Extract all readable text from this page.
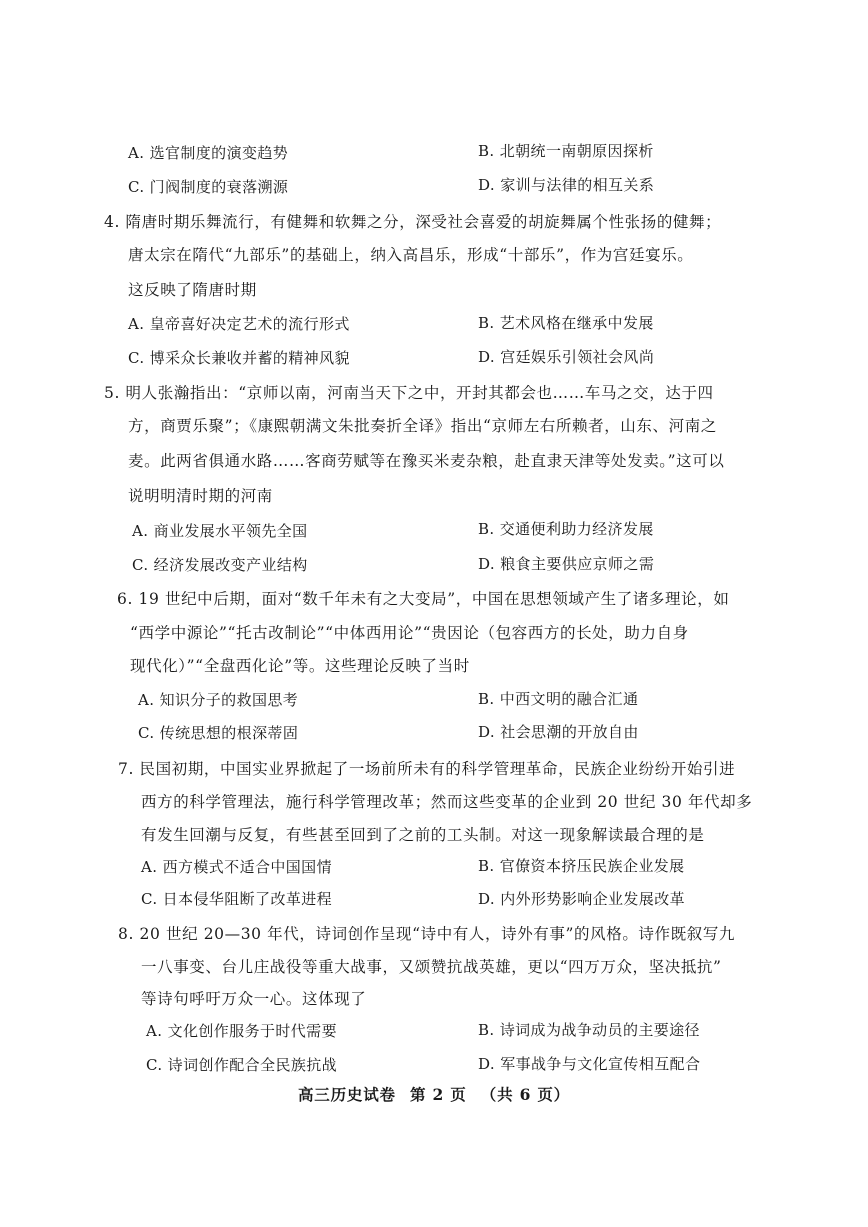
A. 选官制度的演变趋势	B. 北朝统一南朝原因探析
C. 门阀制度的衰落溯源	D. 家训与法律的相互关系
4. 隋唐时期乐舞流行，有健舞和软舞之分，深受社会喜爱的胡旋舞属个性张扬的健舞；
唐太宗在隋代“九部乐”的基础上，纳入高昌乐，形成“十部乐”，作为宫廷宴乐。
这反映了隋唐时期
A. 皇帝喜好决定艺术的流行形式	B. 艺术风格在继承中发展
C. 博采众长兼收并蓄的精神风貌	D. 宫廷娱乐引领社会风尚
5. 明人张瀚指出：“京师以南，河南当天下之中，开封其都会也……车马之交，达于四
方，商贾乐聚”；《康熙朝满文朱批奏折全译》指出“京师左右所赖者，山东、河南之
麦。此两省俱通水路……客商劳赋等在豫买米麦杂粮，赴直隶天津等处发卖。”这可以
说明明清时期的河南
A. 商业发展水平领先全国	B. 交通便利助力经济发展
C. 经济发展改变产业结构	D. 粮食主要供应京师之需
6. 19 世纪中后期，面对“数千年未有之大变局”，中国在思想领域产生了诸多理论，如
“西学中源论”“托古改制论”“中体西用论”“贵因论（包容西方的长处，助力自身
现代化）”“全盘西化论”等。这些理论反映了当时
A. 知识分子的救国思考	B. 中西文明的融合汇通
C. 传统思想的根深蒂固	D. 社会思潮的开放自由
7. 民国初期，中国实业界掀起了一场前所未有的科学管理革命，民族企业纷纷开始引进
西方的科学管理法，施行科学管理改革；然而这些变革的企业到 20 世纪 30 年代却多
有发生回潮与反复，有些甚至回到了之前的工头制。对这一现象解读最合理的是
A. 西方模式不适合中国国情	B. 官僚资本挤压民族企业发展
C. 日本侵华阻断了改革进程	D. 内外形势影响企业发展改革
8. 20 世纪 20—30 年代，诗词创作呈现“诗中有人，诗外有事”的风格。诗作既叙写九
一八事变、台儿庄战役等重大战事，又颂赞抗战英雄，更以“四万万众，坚决抵抗”
等诗句呼吁万众一心。这体现了
A. 文化创作服务于时代需要	B. 诗词成为战争动员的主要途径
C. 诗词创作配合全民族抗战	D. 军事战争与文化宣传相互配合
高三历史试卷 第 2 页 （共 6 页）
